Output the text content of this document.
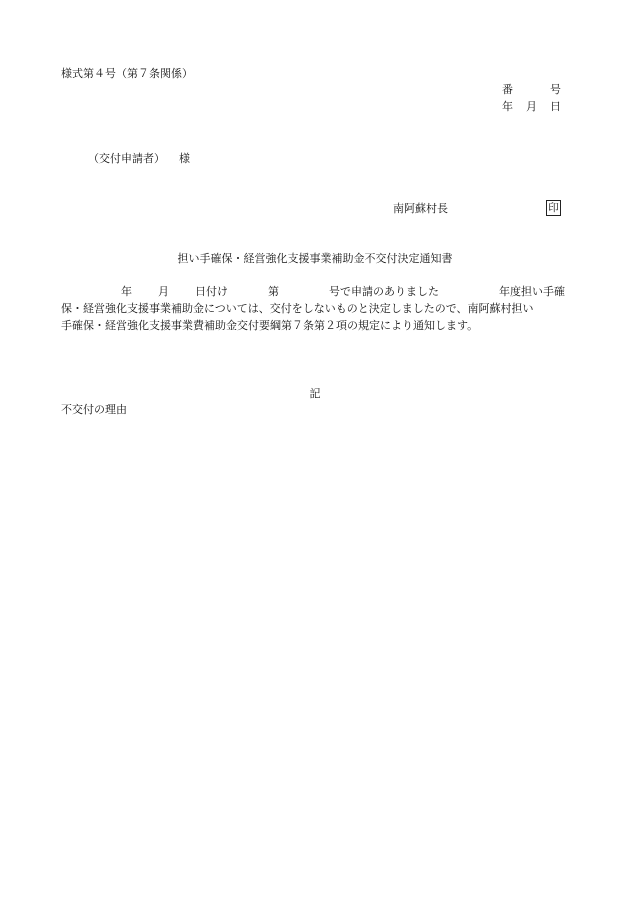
様式第４号（第７条関係）
番	号
年 月 日
（交付申請者） 様
南阿蘇村長	印
担い手確保・経営強化支援事業補助金不交付決定通知書
年 月 日付け	第	号で申請のありました	年度担い手確
保・経営強化支援事業補助金については、交付をしないものと決定しましたので、南阿蘇村担い
手確保・経営強化支援事業費補助金交付要綱第７条第２項の規定により通知します。
記
不交付の理由
